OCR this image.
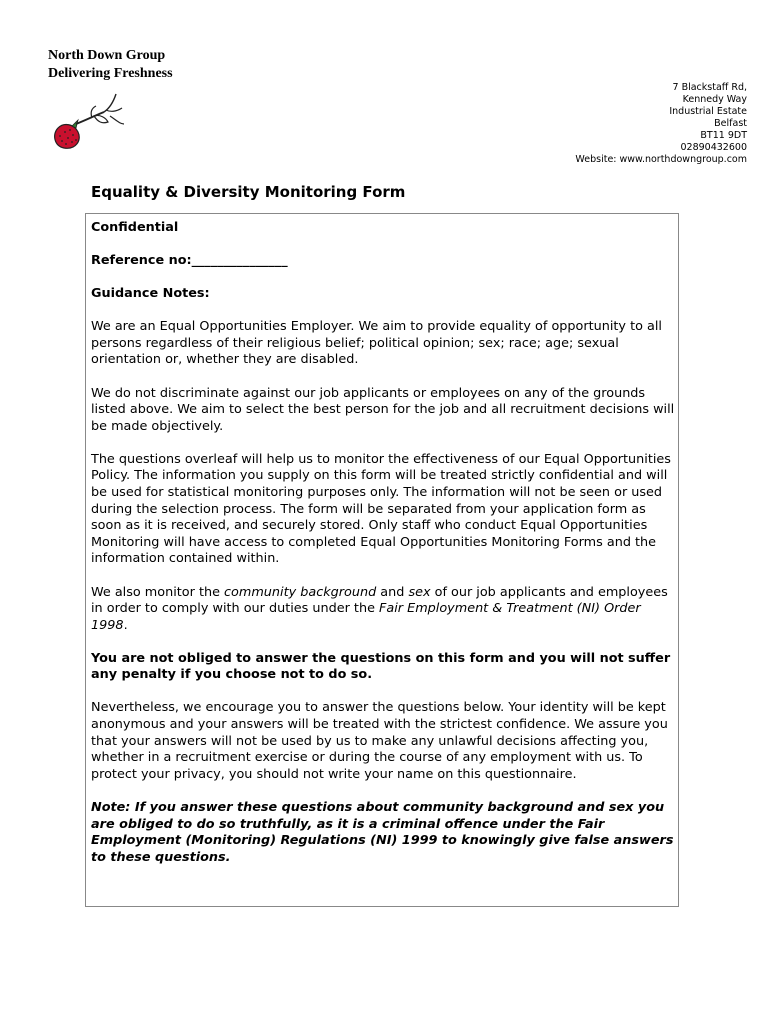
North Down Group
Delivering Freshness
7 Blackstaff Rd,
Kennedy Way
Industrial Estate
Belfast
BT11 9DT
02890432600
Website: www.northdowngroup.com
Equality & Diversity Monitoring Form

Confidential

Reference no:_______________

Guidance Notes:

We are an Equal Opportunities Employer. We aim to provide equality of opportunity to all persons regardless of their religious belief; political opinion; sex; race; age; sexual orientation or, whether they are disabled.

We do not discriminate against our job applicants or employees on any of the grounds listed above. We aim to select the best person for the job and all recruitment decisions will be made objectively.

The questions overleaf will help us to monitor the effectiveness of our Equal Opportunities Policy. The information you supply on this form will be treated strictly confidential and will be used for statistical monitoring purposes only. The information will not be seen or used during the selection process. The form will be separated from your application form as soon as it is received, and securely stored. Only staff who conduct Equal Opportunities Monitoring will have access to completed Equal Opportunities Monitoring Forms and the information contained within.

We also monitor the community background and sex of our job applicants and employees in order to comply with our duties under the Fair Employment & Treatment (NI) Order 1998.

You are not obliged to answer the questions on this form and you will not suffer any penalty if you choose not to do so.

Nevertheless, we encourage you to answer the questions below. Your identity will be kept anonymous and your answers will be treated with the strictest confidence. We assure you that your answers will not be used by us to make any unlawful decisions affecting you, whether in a recruitment exercise or during the course of any employment with us. To protect your privacy, you should not write your name on this questionnaire.

Note: If you answer these questions about community background and sex you are obliged to do so truthfully, as it is a criminal offence under the Fair Employment (Monitoring) Regulations (NI) 1999 to knowingly give false answers to these questions.
